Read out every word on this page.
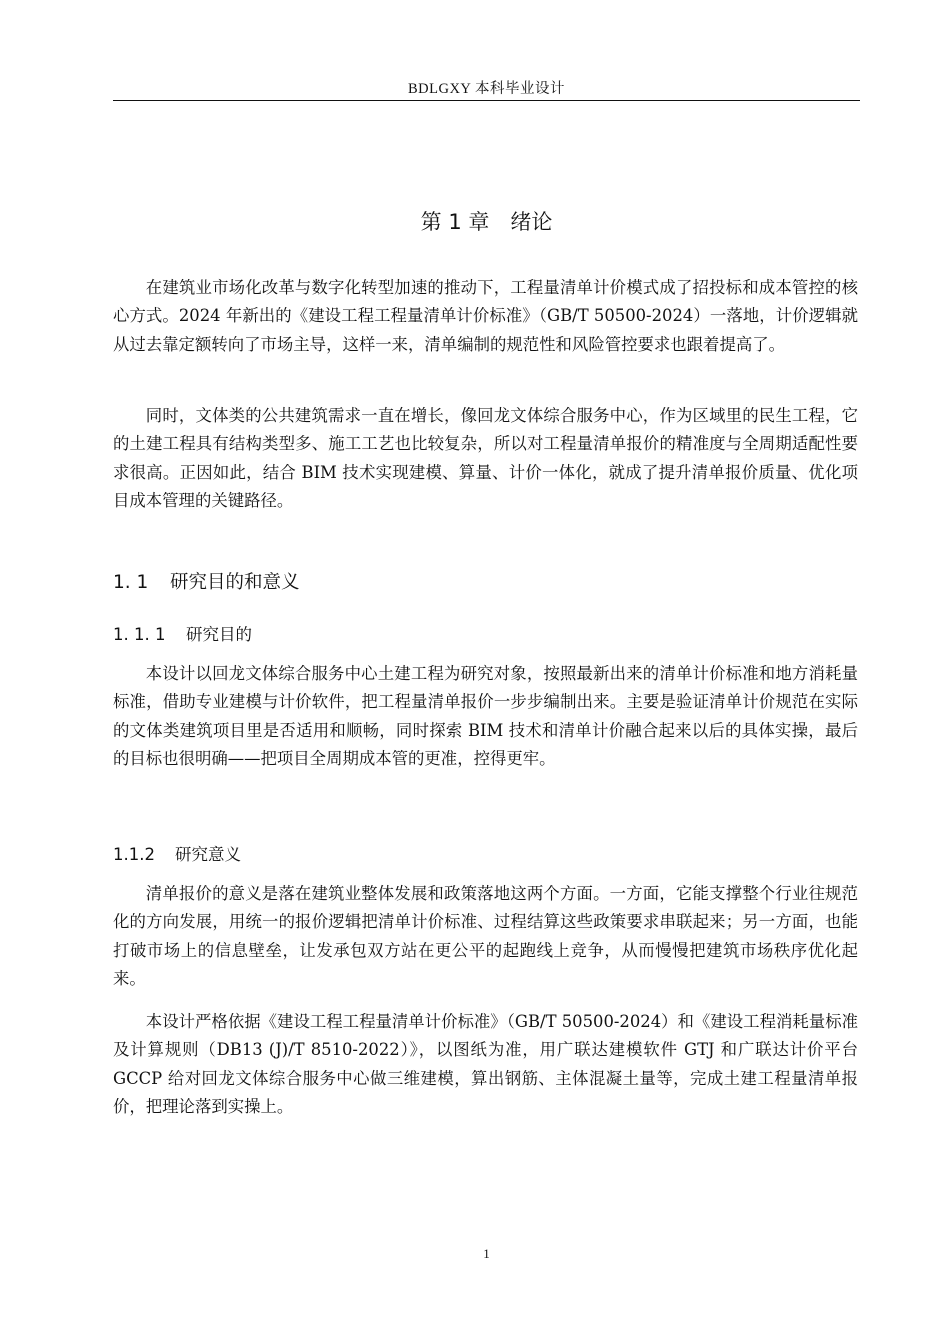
BDLGXY 本科毕业设计
第 1 章　绪论

在建筑业市场化改革与数字化转型加速的推动下，工程量清单计价模式成了招投标和成本管控的核心方式。2024 年新出的《建设工程工程量清单计价标准》（GB/T 50500-2024）一落地，计价逻辑就从过去靠定额转向了市场主导，这样一来，清单编制的规范性和风险管控要求也跟着提高了。

同时，文体类的公共建筑需求一直在增长，像回龙文体综合服务中心，作为区域里的民生工程，它的土建工程具有结构类型多、施工工艺也比较复杂，所以对工程量清单报价的精准度与全周期适配性要求很高。正因如此，结合 BIM 技术实现建模、算量、计价一体化，就成了提升清单报价质量、优化项目成本管理的关键路径。

1. 1 研究目的和意义
1. 1. 1 研究目的

本设计以回龙文体综合服务中心土建工程为研究对象，按照最新出来的清单计价标准和地方消耗量标准，借助专业建模与计价软件，把工程量清单报价一步步编制出来。主要是验证清单计价规范在实际的文体类建筑项目里是否适用和顺畅，同时探索 BIM 技术和清单计价融合起来以后的具体实操，最后的目标也很明确——把项目全周期成本管的更准，控得更牢。

1.1.2 研究意义

清单报价的意义是落在建筑业整体发展和政策落地这两个方面。一方面，它能支撑整个行业往规范化的方向发展，用统一的报价逻辑把清单计价标准、过程结算这些政策要求串联起来；另一方面，也能打破市场上的信息壁垒，让发承包双方站在更公平的起跑线上竞争，从而慢慢把建筑市场秩序优化起来。

本设计严格依据《建设工程工程量清单计价标准》（GB/T 50500-2024）和《建设工程消耗量标准及计算规则（DB13 (J)/T 8510-2022）》，以图纸为准，用广联达建模软件 GTJ 和广联达计价平台 GCCP 给对回龙文体综合服务中心做三维建模，算出钢筋、主体混凝土量等，完成土建工程量清单报价，把理论落到实操上。

1
